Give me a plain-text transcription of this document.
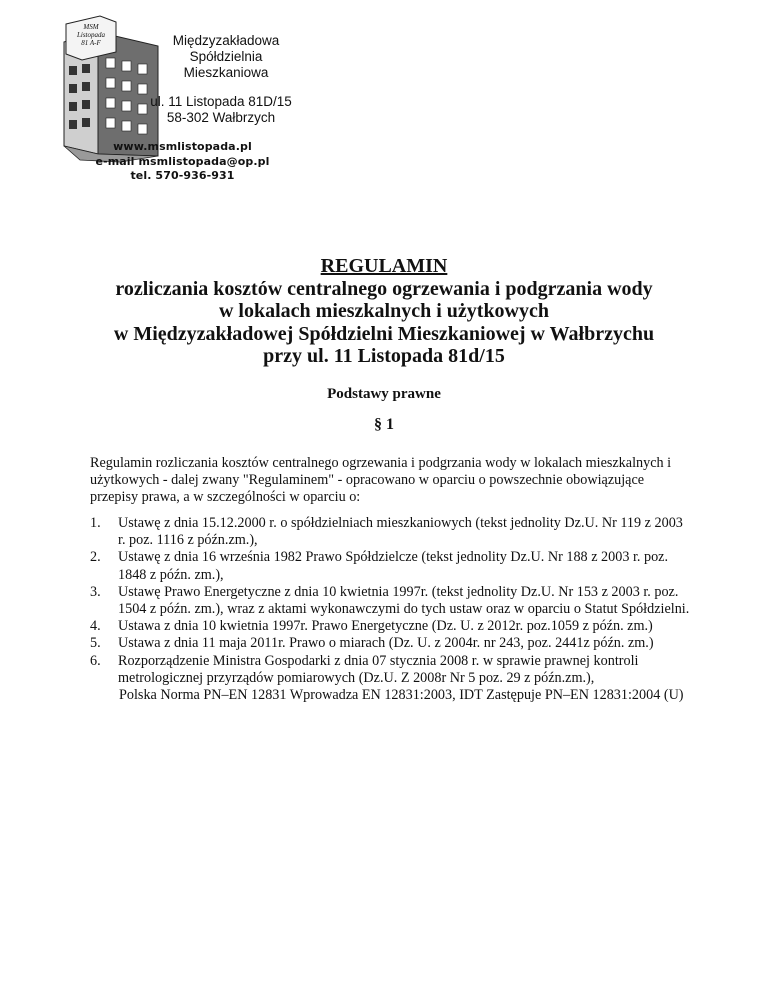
MSM
Listopada
81 A-F	Międzyzakładowa
Spółdzielnia
Mieszkaniowa
ul. 11 Listopada 81D/15
58-302 Wałbrzych
www.msmlistopada.pl
e-mail msmlistopada@op.pl
tel. 570-936-931
REGULAMIN
rozliczania kosztów centralnego ogrzewania i podgrzania wody
w lokalach mieszkalnych i użytkowych
w Międzyzakładowej Spółdzielni Mieszkaniowej w Wałbrzychu
przy ul. 11 Listopada 81d/15
Podstawy prawne
§ 1
Regulamin rozliczania kosztów centralnego ogrzewania i podgrzania wody w lokalach mieszkalnych i użytkowych - dalej zwany "Regulaminem" - opracowano w oparciu o powszechnie obowiązujące przepisy prawa, a w szczególności w oparciu o:
1. Ustawę z dnia 15.12.2000 r. o spółdzielniach mieszkaniowych (tekst jednolity Dz.U. Nr 119 z 2003 r. poz. 1116 z późn.zm.),
2. Ustawę z dnia 16 września 1982 Prawo Spółdzielcze (tekst jednolity Dz.U. Nr 188 z 2003 r. poz. 1848 z późn. zm.),
3. Ustawę Prawo Energetyczne z dnia 10 kwietnia 1997r. (tekst jednolity Dz.U. Nr 153 z 2003 r. poz. 1504 z późn. zm.), wraz z aktami wykonawczymi do tych ustaw oraz w oparciu o Statut Spółdzielni.
4. Ustawa z dnia 10 kwietnia 1997r. Prawo Energetyczne (Dz. U. z 2012r. poz.1059 z późn. zm.)
5. Ustawa z dnia 11 maja 2011r. Prawo o miarach (Dz. U. z 2004r. nr 243, poz. 2441z późn. zm.)
6. Rozporządzenie Ministra Gospodarki z dnia 07 stycznia 2008 r. w sprawie prawnej kontroli metrologicznej przyrządów pomiarowych (Dz.U. Z 2008r Nr 5 poz. 29 z późn.zm.),
Polska Norma PN–EN 12831 Wprowadza EN 12831:2003, IDT Zastępuje PN–EN 12831:2004 (U)
